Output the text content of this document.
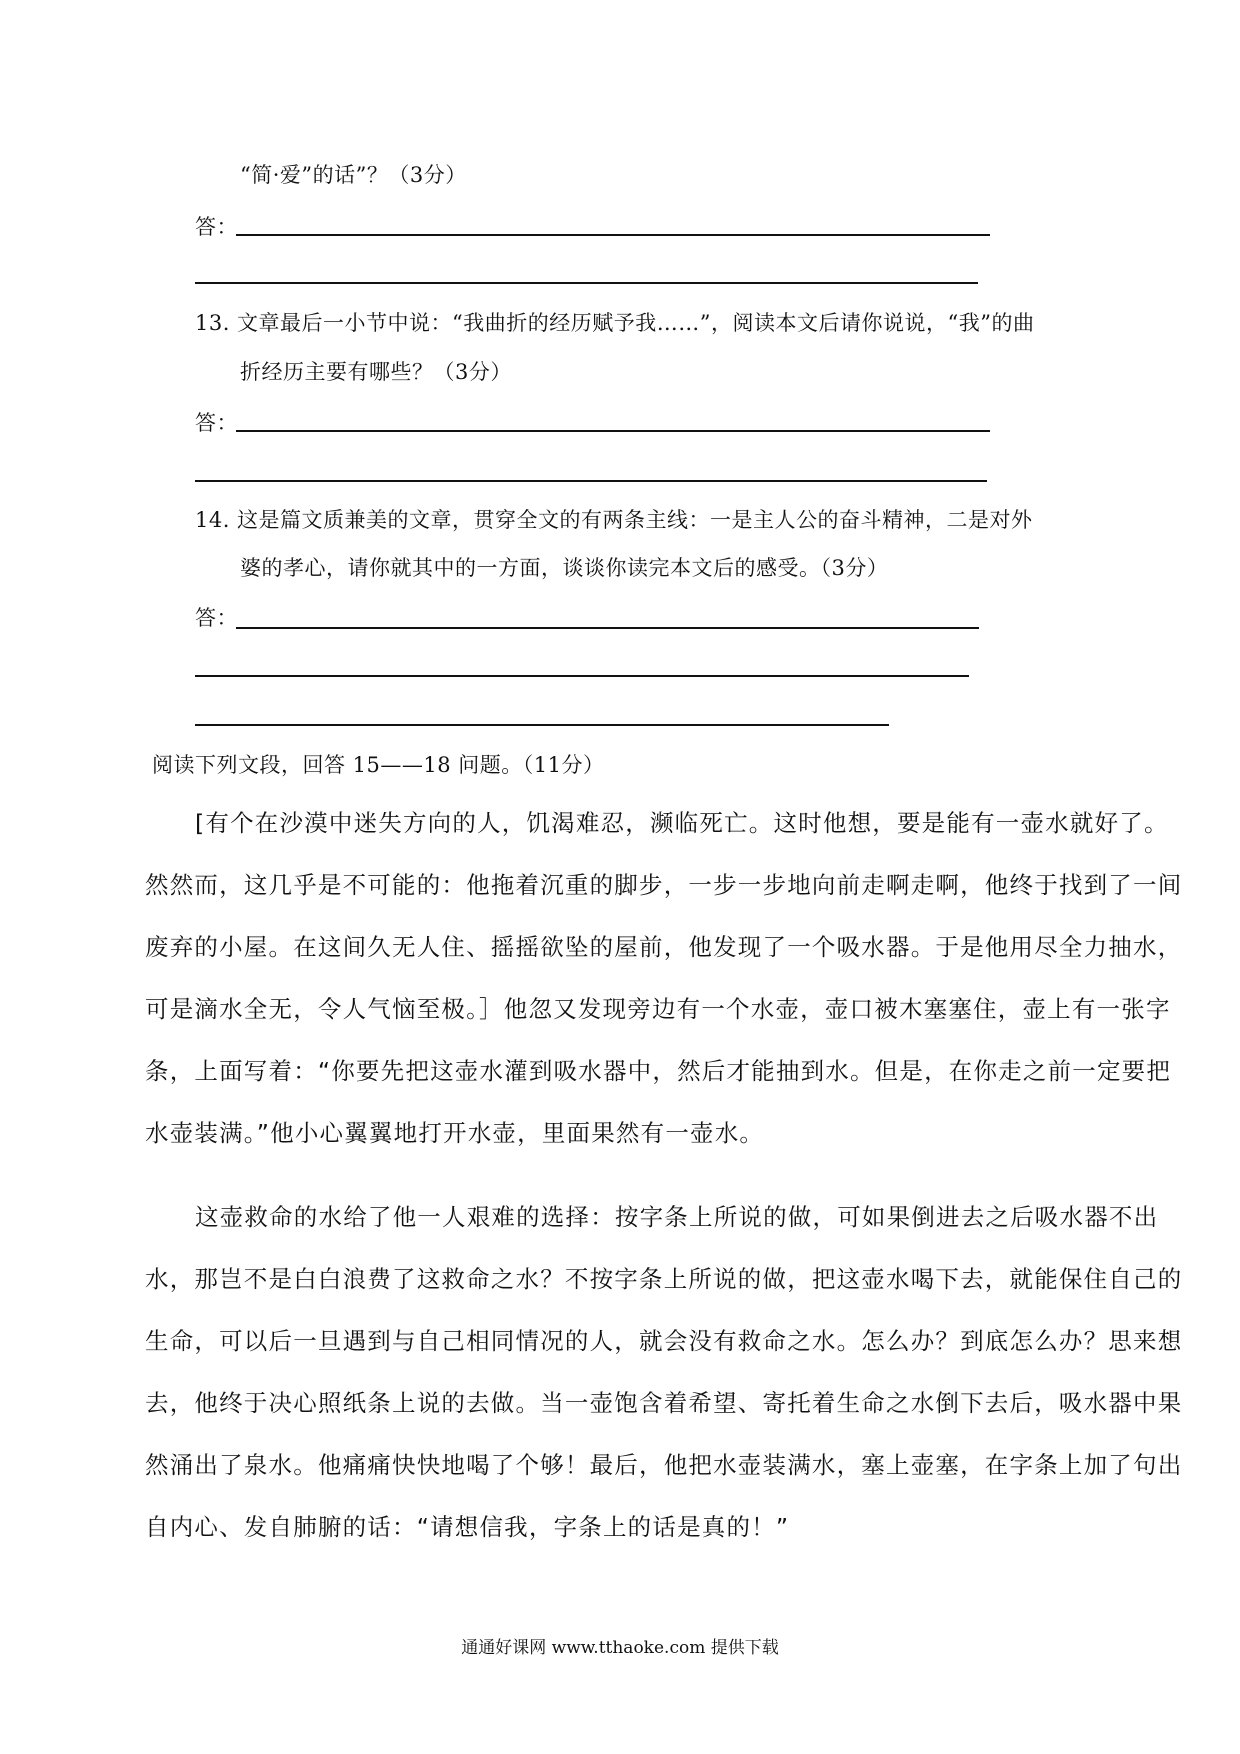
“简·爱”的话”？（3分）
答：
13. 文章最后一小节中说：“我曲折的经历赋予我……”，阅读本文后请你说说，“我”的曲
折经历主要有哪些？（3分）
答：
14. 这是篇文质兼美的文章，贯穿全文的有两条主线：一是主人公的奋斗精神，二是对外
婆的孝心，请你就其中的一方面，谈谈你读完本文后的感受。（3分）
答：
阅读下列文段，回答 15——18 问题。（11分）
[有个在沙漠中迷失方向的人，饥渴难忍，濒临死亡。这时他想，要是能有一壶水就好了。
然然而，这几乎是不可能的：他拖着沉重的脚步，一步一步地向前走啊走啊，他终于找到了一间
废弃的小屋。在这间久无人住、摇摇欲坠的屋前，他发现了一个吸水器。于是他用尽全力抽水，
可是滴水全无，令人气恼至极。］他忽又发现旁边有一个水壶，壶口被木塞塞住，壶上有一张字
条，上面写着：“你要先把这壶水灌到吸水器中，然后才能抽到水。但是，在你走之前一定要把
水壶装满。”他小心翼翼地打开水壶，里面果然有一壶水。
这壶救命的水给了他一人艰难的选择：按字条上所说的做，可如果倒进去之后吸水器不出
水，那岂不是白白浪费了这救命之水？不按字条上所说的做，把这壶水喝下去，就能保住自己的
生命，可以后一旦遇到与自己相同情况的人，就会没有救命之水。怎么办？到底怎么办？思来想
去，他终于决心照纸条上说的去做。当一壶饱含着希望、寄托着生命之水倒下去后，吸水器中果
然涌出了泉水。他痛痛快快地喝了个够！最后，他把水壶装满水，塞上壶塞，在字条上加了句出
自内心、发自肺腑的话：“请想信我，字条上的话是真的！”
通通好课网 www.tthaoke.com 提供下载
